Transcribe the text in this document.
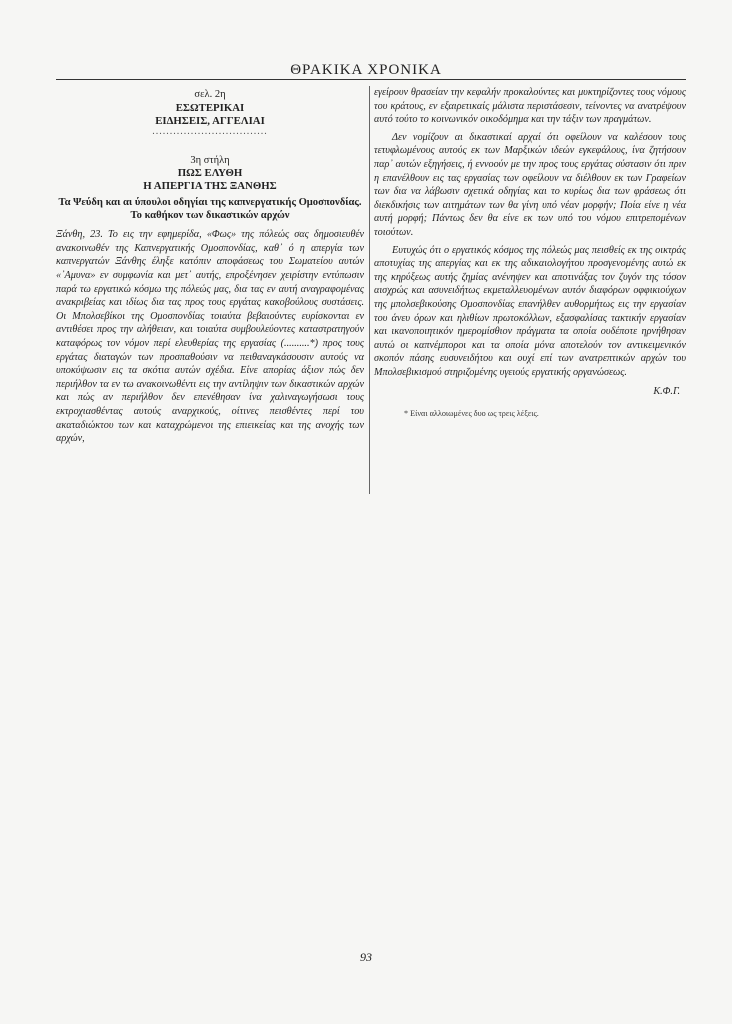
ΘΡΑΚΙΚΑ ΧΡΟΝΙΚΑ
σελ. 2η
ΕΣΩΤΕΡΙΚΑΙ
ΕΙΔΗΣΕΙΣ, ΑΓΓΕΛΙΑΙ
.................................
3η στήλη
ΠΩΣ ΕΛΥΘΗ
Η ΑΠΕΡΓΙΑ ΤΗΣ ΞΑΝΘΗΣ
Τα Ψεύδη και αι ύπουλοι οδηγίαι της καπνεργατικής Ομοσπονδίας. Το καθήκον των δικαστικών αρχών

Ξάνθη, 23. Το εις την εφημερίδα, «Φως» της πόλεώς σας δημοσιευθέν ανακοινωθέν της Καπνεργατικής Ομοσπονδίας, καθ᾽ ό η απεργία των καπνεργατών Ξάνθης έληξε κατόπιν αποφάσεως του Σωματείου αυτών «᾽Αμυνα» εν συμφωνία και μετ᾽ αυτής, επροξένησεν χειρίστην εντύπωσιν παρά τω εργατικώ κόσμω της πόλεώς μας, δια τας εν αυτή αναγραφομένας ανακριβείας και ιδίως δια τας προς τους εργάτας κακοβούλους συστάσεις. Οι Μπολσεβίκοι της Ομοσπονδίας τοιαύτα βεβαιούντες ευρίσκονται εν αντιθέσει προς την αλήθειαν, και τοιαύτα συμβουλεύοντες καταστρατηγούν καταφόρως τον νόμον περί ελευθερίας της εργασίας (..........*) προς τους εργάτας διαταγών των προσπαθούσιν να πειθαναγκάσουσιν αυτούς να υποκύψωσιν εις τα σκότια αυτών σχέδια. Είνε απορίας άξιον πώς δεν περιήλθον τα εν τω ανακοινωθέντι εις την αντίληψιν των δικαστικών αρχών και πώς αν περιήλθον δεν επενέθησαν ίνα χαλιναγωγήσωσι τους εκτροχιασθέντας αυτούς αναρχικούς, οίτινες πεισθέντες περί του ακαταδιώκτου των και καταχρώμενοι της επιεικείας και της ανοχής των αρχών,

εγείρουν θρασείαν την κεφαλήν προκαλούντες και μυκτηρίζοντες τους νόμους του κράτους, εν εξαιρετικαίς μάλιστα περιστάσεσιν, τείνοντες να ανατρέψουν αυτό τούτο το κοινωνικόν οικοδόμημα και την τάξιν των πραγμάτων.

Δεν νομίζουν αι δικαστικαί αρχαί ότι οφείλουν να καλέσουν τους τετυφλωμένους αυτούς εκ των Μαρξικών ιδεών εγκεφάλους, ίνα ζητήσουν παρ᾽ αυτών εξηγήσεις, ή εννοούν με την προς τους εργάτας σύστασιν ότι πριν η επανέλθουν εις τας εργασίας των οφείλουν να διέλθουν εκ των Γραφείων των δια να λάβωσιν σχετικά οδηγίας και το κυρίως δια των φράσεως ότι διεκδικήσις των αιτημάτων των θα γίνη υπό νέαν μορφήν; Ποία είνε η νέα αυτή μορφή; Πάντως δεν θα είνε εκ των υπό του νόμου επιτρεπομένων τοιούτων.

Ευτυχώς ότι ο εργατικός κόσμος της πόλεώς μας πεισθείς εκ της οικτράς αποτυχίας της απεργίας και εκ της αδικαιολογήτου προσγενομένης αυτώ εκ της κηρύξεως αυτής ζημίας ανένηψεν και αποτινάξας τον ζυγόν της τόσον αισχρώς και ασυνειδήτως εκμεταλλευομένων αυτόν διαφόρων οφφικιούχων της μπολσεβικούσης Ομοσπονδίας επανήλθεν αυθορμήτως εις την εργασίαν του άνευ όρων και ηλιθίων πρωτοκόλλων, εξασφαλίσας τακτικήν εργασίαν και ικανοποιητικόν ημερομίσθιον πράγματα τα οποία ουδέποτε ηρνήθησαν αυτώ οι καπνέμποροι και τα οποία μόνα αποτελούν τον αντικειμενικόν σκοπόν πάσης ευσυνειδήτου και ουχί επί των ανατρεπτικών αρχών του Μπολσεβικισμού στηριζομένης υγειούς εργατικής οργανώσεως.

Κ.Φ.Γ.
* Είναι αλλοιωμένες δυο ως τρεις λέξεις.
93
